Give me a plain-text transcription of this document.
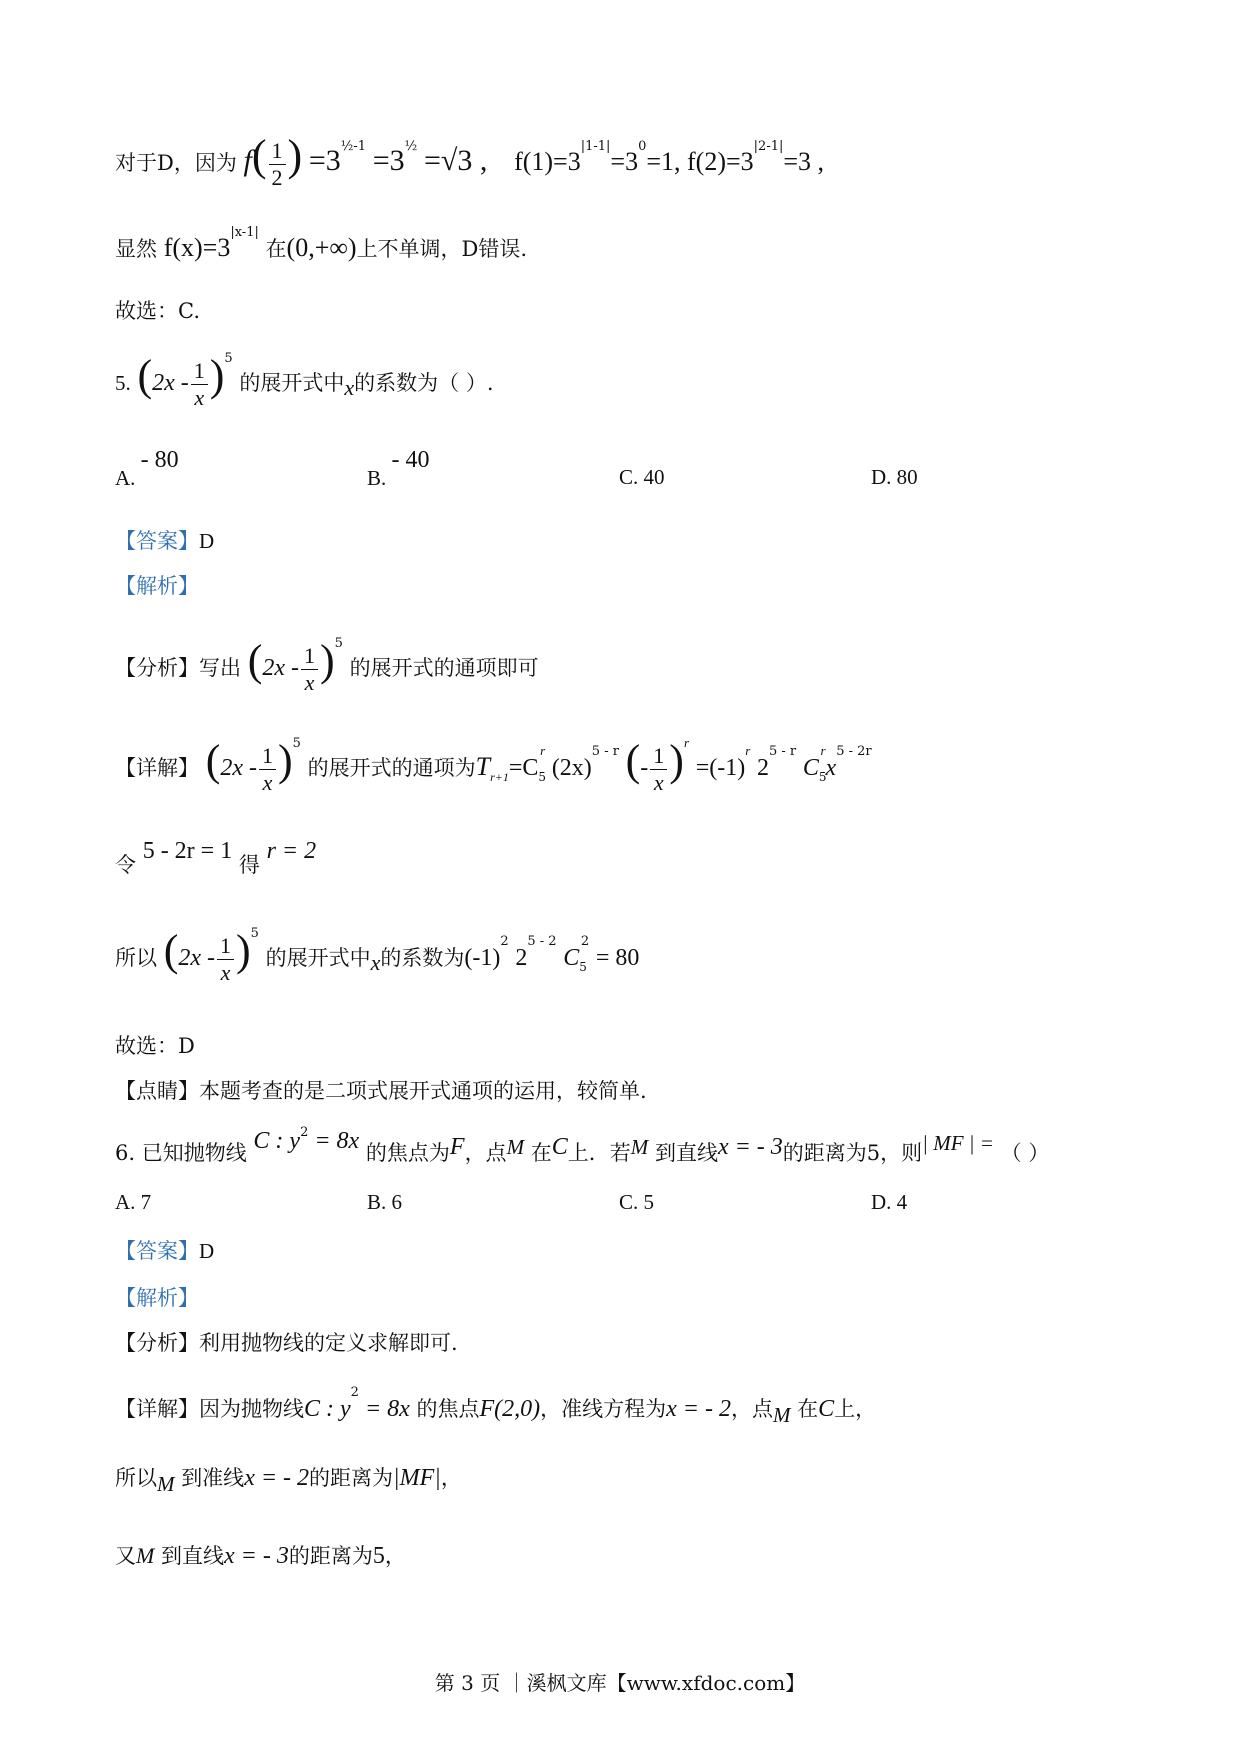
对于D，因为 $f( \frac{1}{2}$ ) $=3^{\frac{1}{2}-1} =3^{\frac{1}{2}} =√3$ , $f(1)=3^{|1-1|}=3^0=1$, $f(2)=3^{|2-1|}=3$ ,
显然 $f(x)=3^{|x-1|}$ 在(0,+∞)上不单调，D错误.
故选：C.
5. $(2x - \frac{1}{x} )^5$ 的展开式中$_x$的系数为（ ）.
A. - 80
B. - 40
C. 40	D. 80
【答案】D
【解析】
【分析】写出 $(2x - \frac{1}{x} )^5$ 的展开式的通项即可
【详解】 $(2x - \frac{1}{x} )^5$ 的展开式的通项为$T_{r+1}=C_5^r$ $(2x)^{5 - r}$ (- $\frac{1}{x} )^r =(-1)^r$ 2$^{5 - r}$ $C_5^rx^{5 - 2r}$
令 5 - 2r = 1 得 r = 2
所以 $(2x - \frac{1}{x} )^5$ 的展开式中$_x$的系数为$(-1)^2$ 2$^{5 - 2}$ $C_5^2 = 80$
故选：D
【点睛】本题考查的是二项式展开式通项的运用，较简单.
6. 已知抛物线 C : $y^2 = 8x$ 的焦点为F，点M 在C上．若M 到直线x = - 3的距离为5，则| MF | = （ ）
A. 7	B. 6	C. 5	D. 4
【答案】D
【解析】
【分析】利用抛物线的定义求解即可.
【详解】因为抛物线C : $y^2 = 8x$ 的焦点F(2,0)，准线方程为x = - 2，点M 在C上，
所以M 到准线x = - 2的距离为|MF|，
又M 到直线x = - 3的距离为5，
第 3 页 ｜溪枫文库【www.xfdoc.com】
